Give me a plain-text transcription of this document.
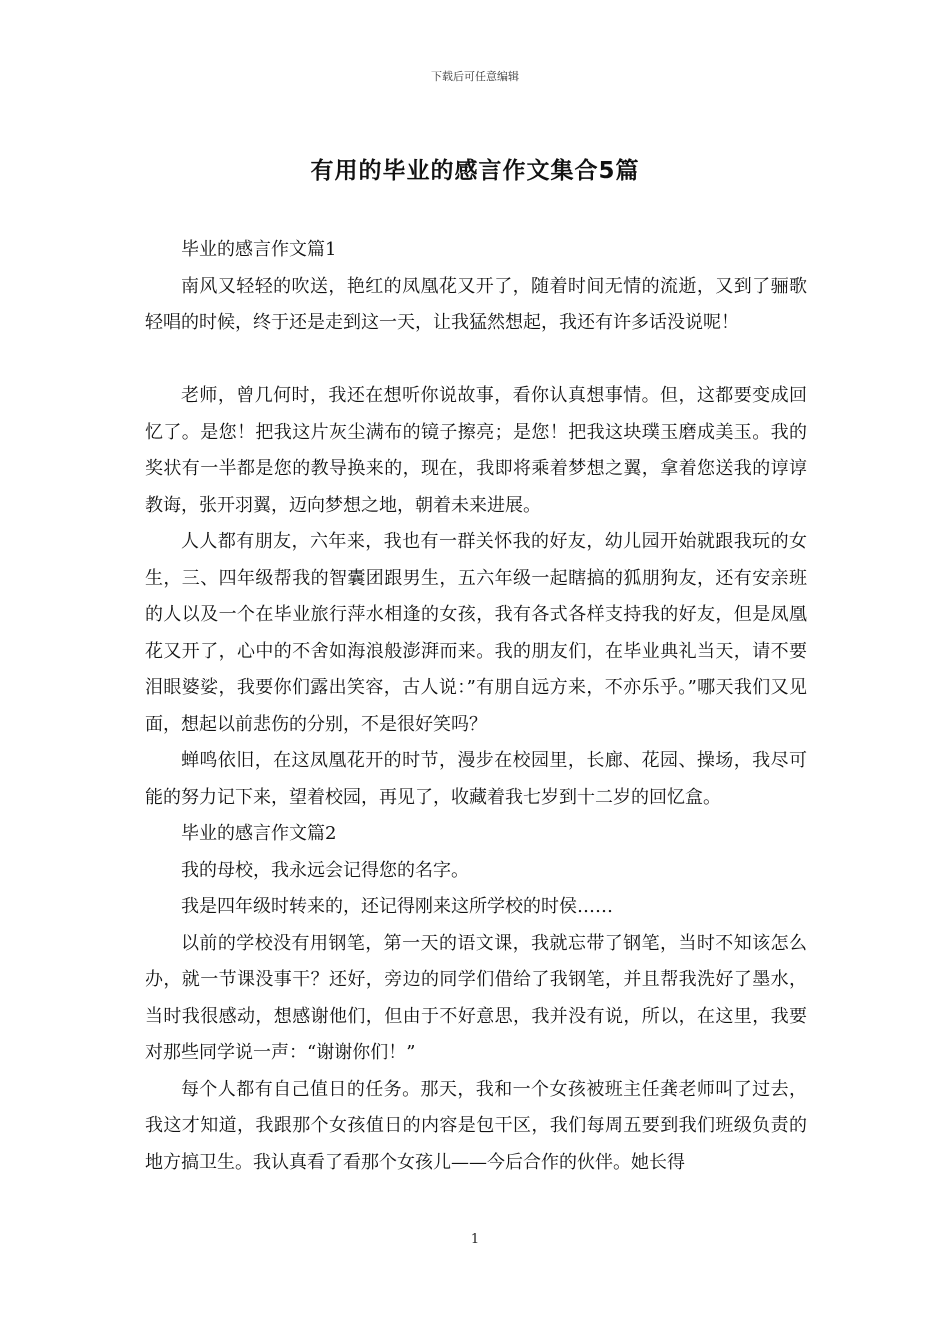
下载后可任意编辑
有用的毕业的感言作文集合5篇

毕业的感言作文篇1

南风又轻轻的吹送，艳红的凤凰花又开了，随着时间无情的流逝，又到了骊歌轻唱的时候，终于还是走到这一天，让我猛然想起，我还有许多话没说呢！

老师，曾几何时，我还在想听你说故事，看你认真想事情。但，这都要变成回忆了。是您！把我这片灰尘满布的镜子擦亮；是您！把我这块璞玉磨成美玉。我的奖状有一半都是您的教导换来的，现在，我即将乘着梦想之翼，拿着您送我的谆谆教诲，张开羽翼，迈向梦想之地，朝着未来进展。

人人都有朋友，六年来，我也有一群关怀我的好友，幼儿园开始就跟我玩的女生，三、四年级帮我的智囊团跟男生，五六年级一起瞎搞的狐朋狗友，还有安亲班的人以及一个在毕业旅行萍水相逢的女孩，我有各式各样支持我的好友，但是凤凰花又开了，心中的不舍如海浪般澎湃而来。我的朋友们，在毕业典礼当天，请不要泪眼婆娑，我要你们露出笑容，古人说：”有朋自远方来，不亦乐乎。”哪天我们又见面，想起以前悲伤的分别，不是很好笑吗？

蝉鸣依旧，在这凤凰花开的时节，漫步在校园里，长廊、花园、操场，我尽可能的努力记下来，望着校园，再见了，收藏着我七岁到十二岁的回忆盒。

毕业的感言作文篇2

我的母校，我永远会记得您的名字。

我是四年级时转来的，还记得刚来这所学校的时侯……

以前的学校没有用钢笔，第一天的语文课，我就忘带了钢笔，当时不知该怎么办，就一节课没事干？还好，旁边的同学们借给了我钢笔，并且帮我洗好了墨水，当时我很感动，想感谢他们，但由于不好意思，我并没有说，所以，在这里，我要对那些同学说一声：“谢谢你们！”

每个人都有自己值日的任务。那天，我和一个女孩被班主任龚老师叫了过去，我这才知道，我跟那个女孩值日的内容是包干区，我们每周五要到我们班级负责的地方搞卫生。我认真看了看那个女孩儿——今后合作的伙伴。她长得

1
